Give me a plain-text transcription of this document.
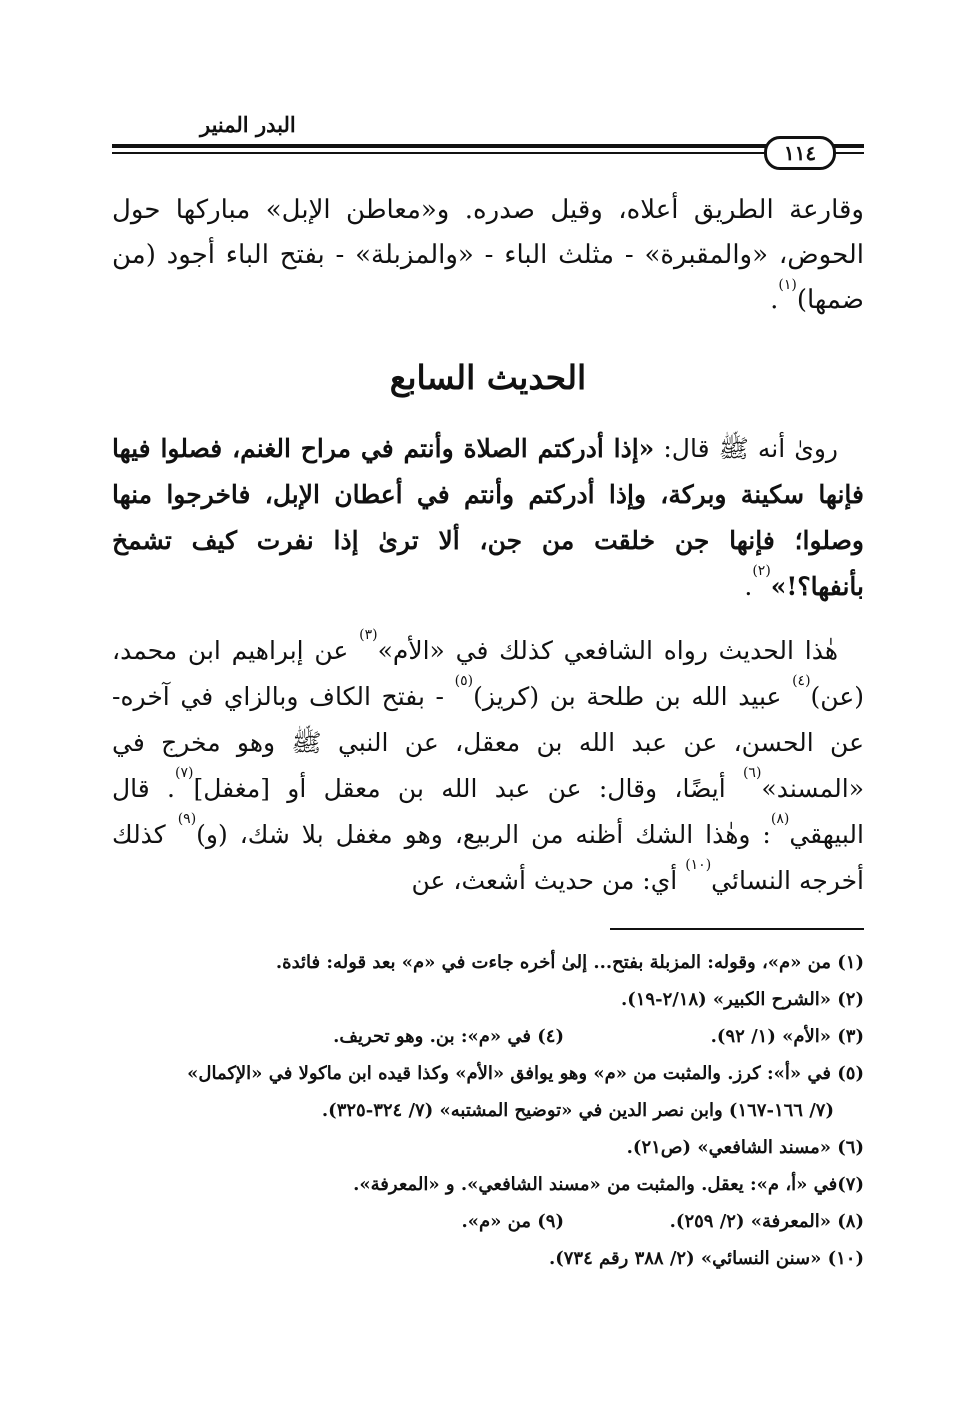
البدر المنير
١١٤
وقارعة الطريق أعلاه، وقيل صدره. و«معاطن الإبل» مباركها حول الحوض، «والمقبرة» - مثلث الباء - «والمزبلة» - بفتح الباء أجود (من ضمها)$^{(١)}$.
الحديث السابع
روىٰ أنه ﷺ قال: «إذا أدركتم الصلاة وأنتم في مراح الغنم، فصلوا فيها فإنها سكينة وبركة، وإذا أدركتم وأنتم في أعطان الإبل، فاخرجوا منها وصلوا؛ فإنها جن خلقت من جن، ألا ترىٰ إذا نفرت كيف تشمخ بأنفها؟!»$^{(٢)}$.
هٰذا الحديث رواه الشافعي كذلك في «الأم»$^{(٣)}$ عن إبراهيم ابن محمد، (عن)$^{(٤)}$ عبيد الله بن طلحة بن (كريز)$^{(٥)}$ - بفتح الكاف وبالزاي في آخره- عن الحسن، عن عبد الله بن معقل، عن النبي ﷺ وهو مخرج في «المسند»$^{(٦)}$ أيضًا، وقال: عن عبد الله بن معقل أو [مغفل]$^{(٧)}$. قال البيهقي$^{(٨)}$: وهٰذا الشك أظنه من الربيع، وهو مغفل بلا شك، (و)$^{(٩)}$ كذلك أخرجه النسائي$^{(١٠)}$ أي: من حديث أشعث، عن
(١) من «م»، وقوله: المزبلة بفتح... إلىٰ أخره جاءت في «م» بعد قوله: فائدة.
(٢) «الشرح الكبير» (٢/١٨-١٩).
(٣) «الأم» (١/ ٩٢).
(٤) في «م»: بن. وهو تحريف.
(٥) في «أ»: كرز. والمثبت من «م» وهو يوافق «الأم» وكذا قيده ابن ماكولا في «الإكمال»
(٧/ ١٦٦-١٦٧) وابن نصر الدين في «توضيح المشتبه» (٧/ ٣٢٤-٣٢٥).
(٦) «مسند الشافعي» (ص٢١).
(٧)في «أ، م»: يعقل. والمثبت من «مسند الشافعي». و «المعرفة».
(٨) «المعرفة» (٢/ ٢٥٩).
(٩) من «م».
(١٠) «سنن النسائي» (٢/ ٣٨٨ رقم ٧٣٤).
